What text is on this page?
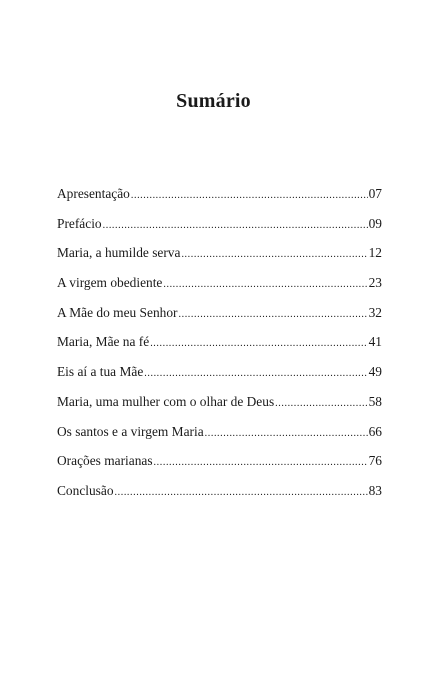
Sumário
Apresentação .....	07
Prefácio .....	09
Maria, a humilde serva .....	12
A virgem obediente .....	23
A Mãe do meu Senhor .....	32
Maria, Mãe na fé .....	41
Eis aí a tua Mãe .....	49
Maria, uma mulher com o olhar de Deus .....	58
Os santos e a virgem Maria .....	66
Orações marianas .....	76
Conclusão .....	83
